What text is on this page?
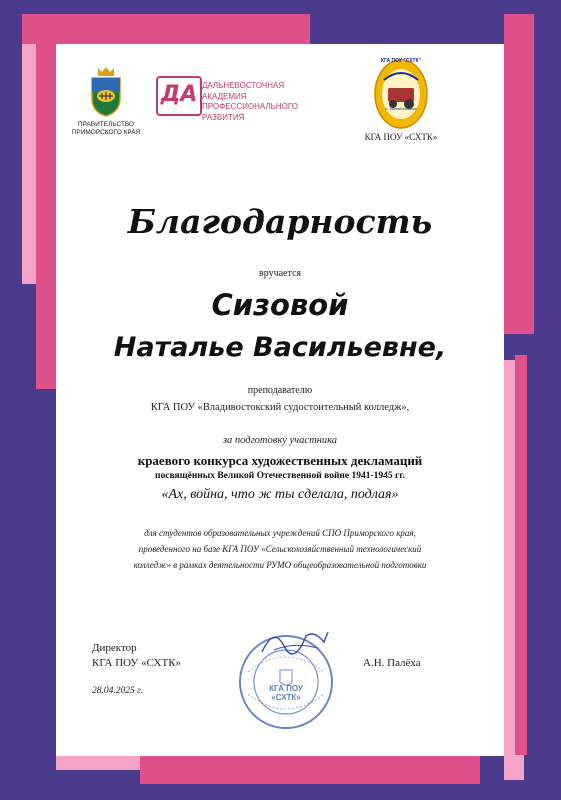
ПРАВИТЕЛЬСТВО ПРИМОРСКОГО КРАЯ
ДА ДАЛЬНЕВОСТОЧНАЯ
АКАДЕМИЯ
ПРОФЕССИОНАЛЬНОГО
РАЗВИТИЯ
КГА ПОУ "СХТК"
п. Михайловское
КГА ПОУ «СХТК»
Благодарность
вручается
Сизовой
Наталье Васильевне,
преподавателю
КГА ПОУ «Владивостокский судостоительный колледж»,
за подготовку участника
краевого конкурса художественных декламаций
посвящённых Великой Отечественной войне 1941-1945 гг.
«Ах, война, что ж ты сделала, подлая»
для студентов образовательных учреждений СПО Приморского края,
проведенного на базе КГА ПОУ «Сельскохозяйственный технологический
колледж» в рамках деятельности РУМО общеобразовательной подготовки
Директор
КГА ПОУ «СХТК»	А.Н. Палёха
28.04.2025 г.	КГА ПОУ «СХТК»
